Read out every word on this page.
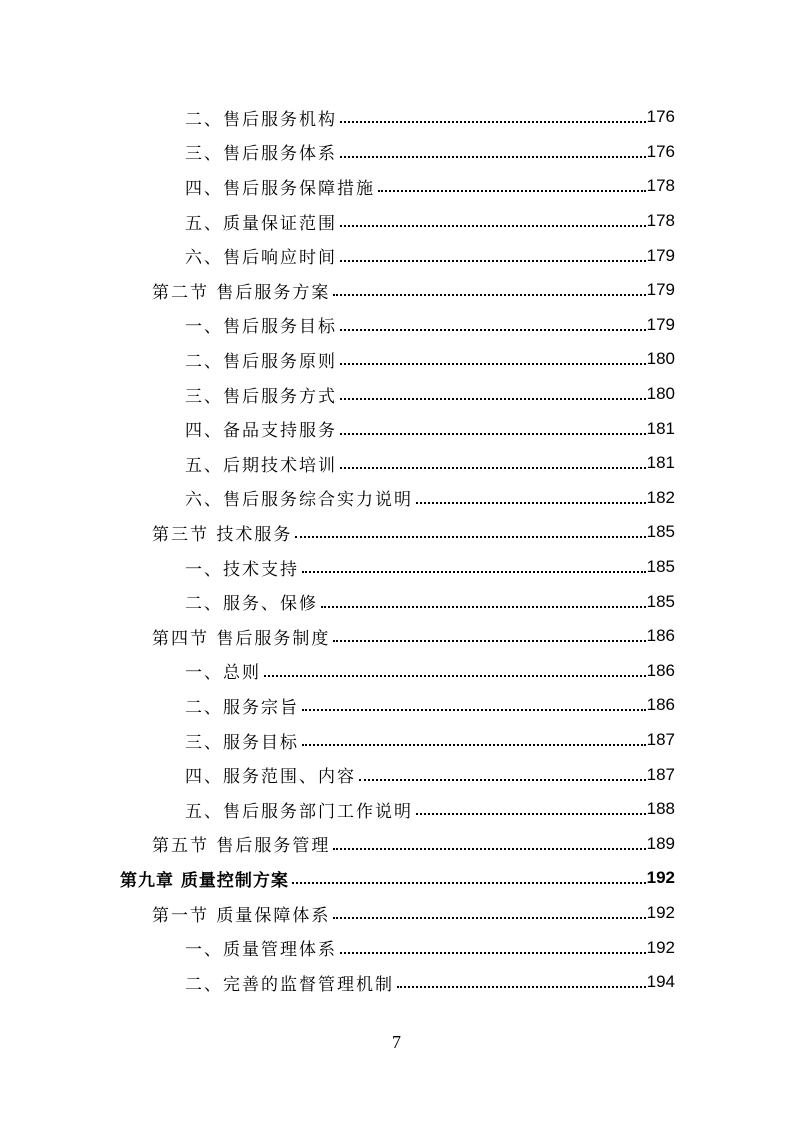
二、售后服务机构	176
三、售后服务体系	176
四、售后服务保障措施	178
五、质量保证范围	178
六、售后响应时间	179
第二节 售后服务方案	179
一、售后服务目标	179
二、售后服务原则	180
三、售后服务方式	180
四、备品支持服务	181
五、后期技术培训	181
六、售后服务综合实力说明	182
第三节 技术服务	185
一、技术支持	185
二、服务、保修	185
第四节 售后服务制度	186
一、总则	186
二、服务宗旨	186
三、服务目标	187
四、服务范围、内容	187
五、售后服务部门工作说明	188
第五节 售后服务管理	189
第九章 质量控制方案	192
第一节 质量保障体系	192
一、质量管理体系	192
二、完善的监督管理机制	194
7
